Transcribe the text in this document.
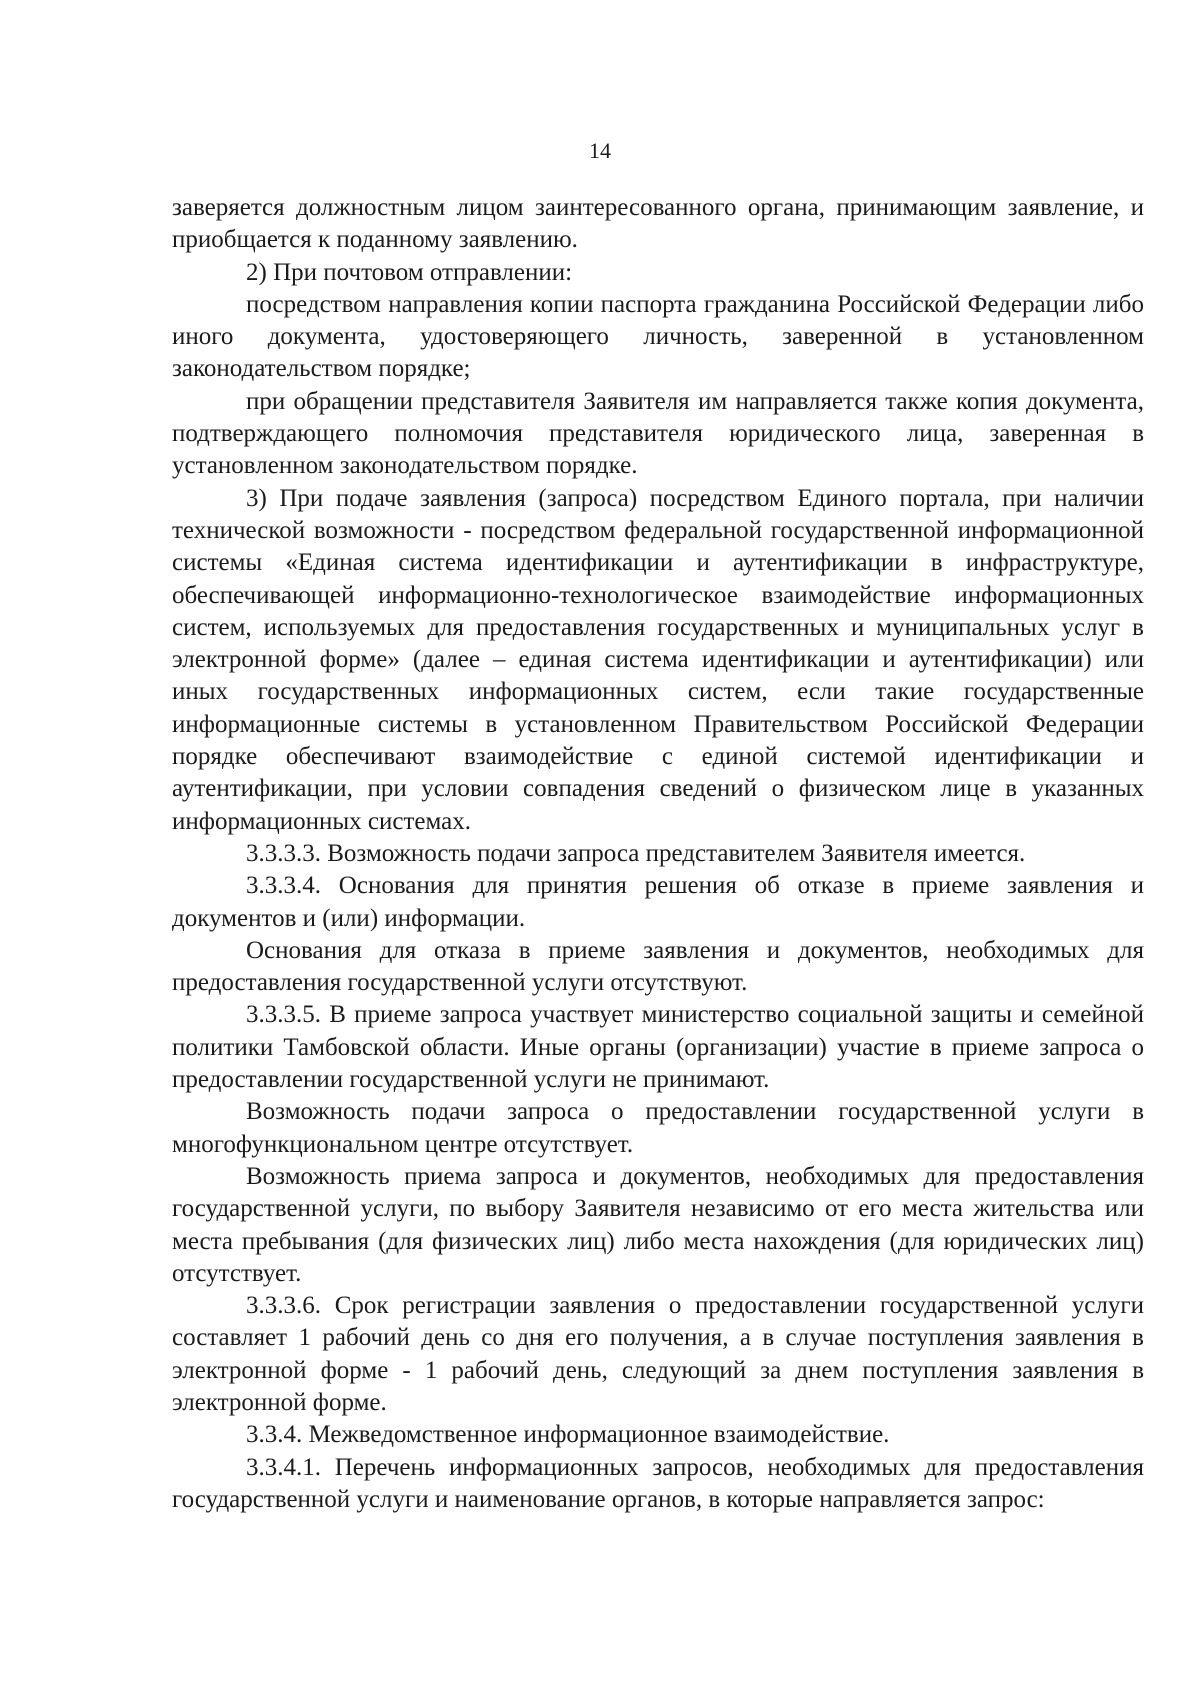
14

заверяется должностным лицом заинтересованного органа, принимающим заявление, и приобщается к поданному заявлению.

2) При почтовом отправлении:

посредством направления копии паспорта гражданина Российской Федерации либо иного документа, удостоверяющего личность, заверенной в установленном законодательством порядке;

при обращении представителя Заявителя им направляется также копия документа, подтверждающего полномочия представителя юридического лица, заверенная в установленном законодательством порядке.

3) При подаче заявления (запроса) посредством Единого портала, при наличии технической возможности - посредством федеральной государственной информационной системы «Единая система идентификации и аутентификации в инфраструктуре, обеспечивающей информационно-технологическое взаимодействие информационных систем, используемых для предоставления государственных и муниципальных услуг в электронной форме» (далее – единая система идентификации и аутентификации) или иных государственных информационных систем, если такие государственные информационные системы в установленном Правительством Российской Федерации порядке обеспечивают взаимодействие с единой системой идентификации и аутентификации, при условии совпадения сведений о физическом лице в указанных информационных системах.

3.3.3.3. Возможность подачи запроса представителем Заявителя имеется.

3.3.3.4. Основания для принятия решения об отказе в приеме заявления и документов и (или) информации.

Основания для отказа в приеме заявления и документов, необходимых для предоставления государственной услуги отсутствуют.

3.3.3.5. В приеме запроса участвует министерство социальной защиты и семейной политики Тамбовской области. Иные органы (организации) участие в приеме запроса о предоставлении государственной услуги не принимают.

Возможность подачи запроса о предоставлении государственной услуги в многофункциональном центре отсутствует.

Возможность приема запроса и документов, необходимых для предоставления государственной услуги, по выбору Заявителя независимо от его места жительства или места пребывания (для физических лиц) либо места нахождения (для юридических лиц) отсутствует.

3.3.3.6. Срок регистрации заявления о предоставлении государственной услуги составляет 1 рабочий день со дня его получения, а в случае поступления заявления в электронной форме - 1 рабочий день, следующий за днем поступления заявления в электронной форме.

3.3.4. Межведомственное информационное взаимодействие.

3.3.4.1. Перечень информационных запросов, необходимых для предоставления государственной услуги и наименование органов, в которые направляется запрос:
